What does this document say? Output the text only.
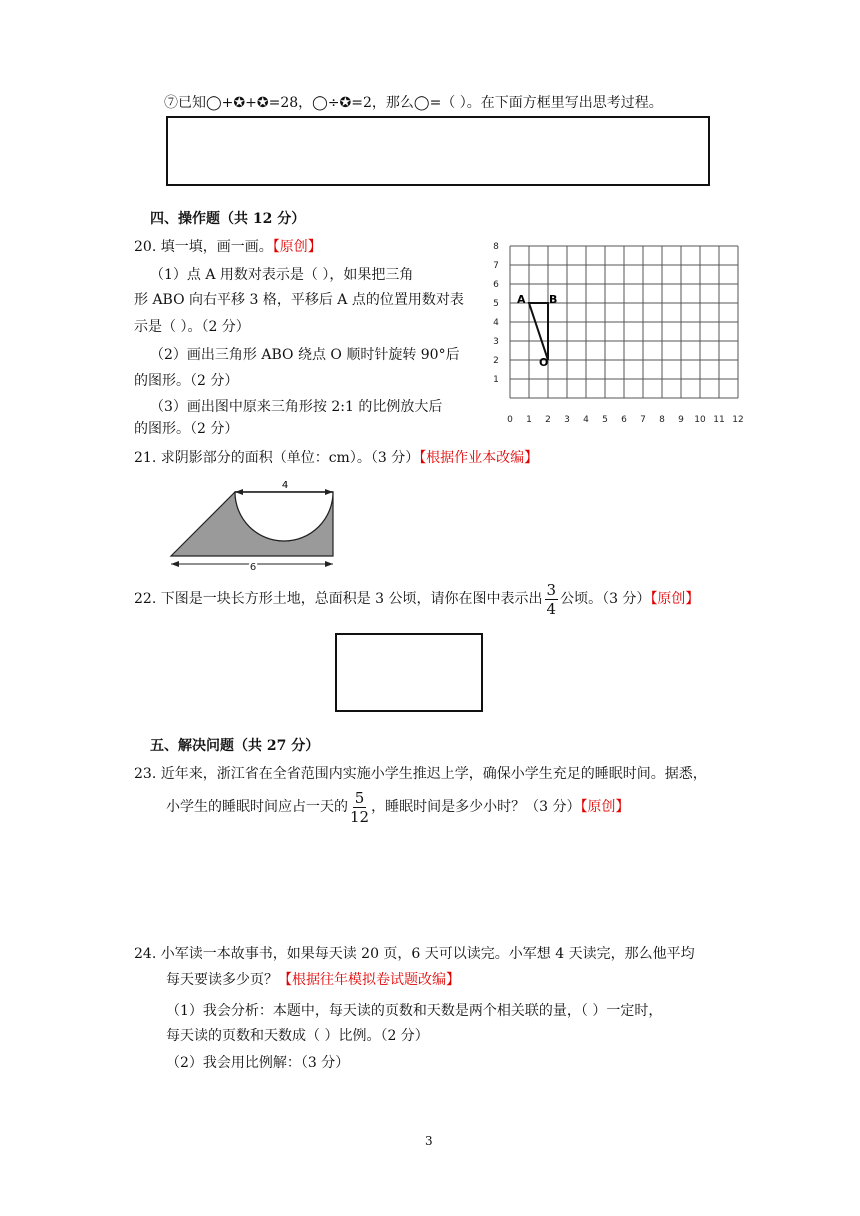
⑦已知◯+✪+✪=28，◯÷✪=2，那么◯=（ ）。在下面方框里写出思考过程。
四、操作题（共 12 分）
20. 填一填，画一画。【原创】
（1）点 A 用数对表示是（ ），如果把三角
形 ABO 向右平移 3 格，平移后 A 点的位置用数对表
示是（ ）。（2 分）
（2）画出三角形 ABO 绕点 O 顺时针旋转 90°后
的图形。（2 分）
（3）画出图中原来三角形按 2:1 的比例放大后
的图形。（2 分）
0 1 2 3 4 5 6 7 8 9 10 11 12
1
2
3
4
5
6
7
8
A B
O
21. 求阴影部分的面积（单位：cm）。（3 分）【根据作业本改编】
4
6
22. 下图是一块长方形土地，总面积是 3 公顷，请你在图中表示出 $\frac{3}{4}$ 公顷。（3 分）【原创】
五、解决问题（共 27 分）
23. 近年来，浙江省在全省范围内实施小学生推迟上学，确保小学生充足的睡眠时间。据悉，
小学生的睡眠时间应占一天的 $\frac{5}{12}$ ，睡眠时间是多少小时？（3 分）【原创】
24. 小军读一本故事书，如果每天读 20 页，6 天可以读完。小军想 4 天读完，那么他平均
每天要读多少页？【根据往年模拟卷试题改编】
（1）我会分析：本题中，每天读的页数和天数是两个相关联的量，（ ）一定时，
每天读的页数和天数成（ ）比例。（2 分）
（2）我会用比例解：（3 分）
3
